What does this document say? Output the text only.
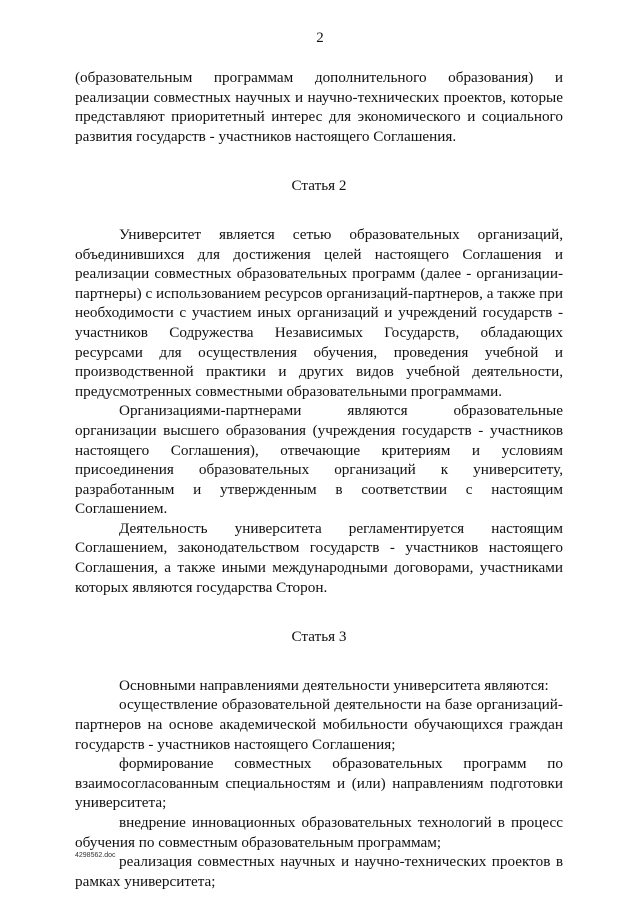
2

(образовательным программам дополнительного образования) и реализации совместных научных и научно-технических проектов, которые представляют приоритетный интерес для экономического и социального развития государств - участников настоящего Соглашения.

Статья 2

Университет является сетью образовательных организаций, объединившихся для достижения целей настоящего Соглашения и реализации совместных образовательных программ (далее - организации-партнеры) с использованием ресурсов организаций-партнеров, а также при необходимости с участием иных организаций и учреждений государств - участников Содружества Независимых Государств, обладающих ресурсами для осуществления обучения, проведения учебной и производственной практики и других видов учебной деятельности, предусмотренных совместными образовательными программами.

Организациями-партнерами являются образовательные организации высшего образования (учреждения государств - участников настоящего Соглашения), отвечающие критериям и условиям присоединения образовательных организаций к университету, разработанным и утвержденным в соответствии с настоящим Соглашением.

Деятельность университета регламентируется настоящим Соглашением, законодательством государств - участников настоящего Соглашения, а также иными международными договорами, участниками которых являются государства Сторон.

Статья 3

Основными направлениями деятельности университета являются:

осуществление образовательной деятельности на базе организаций-партнеров на основе академической мобильности обучающихся граждан государств - участников настоящего Соглашения;

формирование совместных образовательных программ по взаимосогласованным специальностям и (или) направлениям подготовки университета;

внедрение инновационных образовательных технологий в процесс обучения по совместным образовательным программам;

реализация совместных научных и научно-технических проектов в рамках университета;

4298562.doc
